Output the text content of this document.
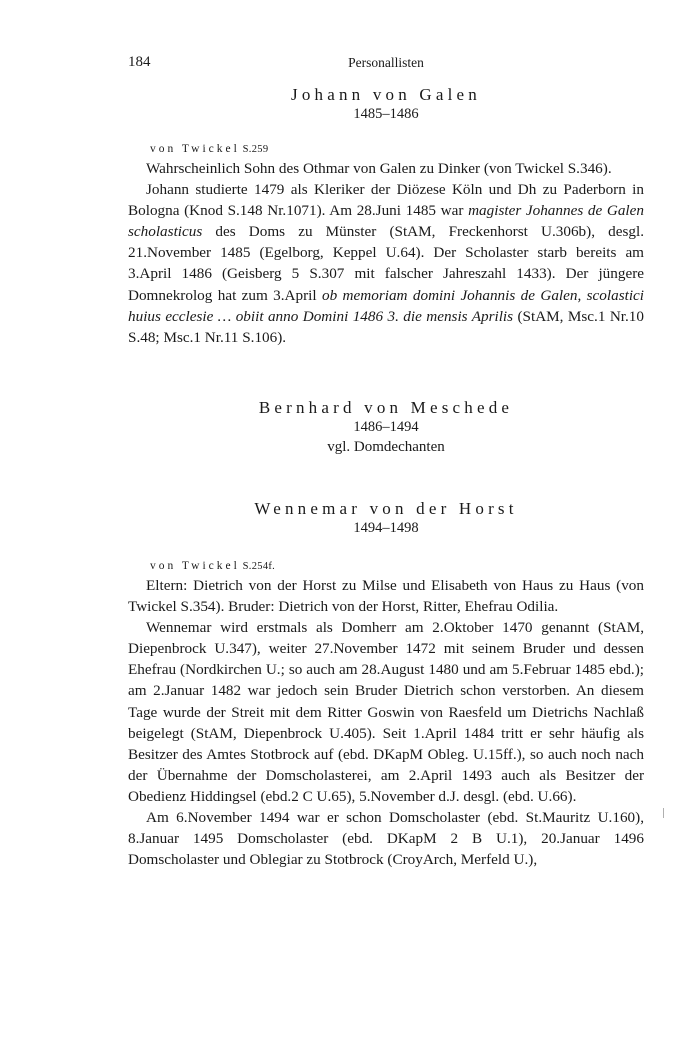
184	Personallisten
Johann von Galen
1485–1486
von Twickel S.259

Wahrscheinlich Sohn des Othmar von Galen zu Dinker (von Twickel S.346).

Johann studierte 1479 als Kleriker der Diözese Köln und Dh zu Paderborn in Bologna (Knod S.148 Nr.1071). Am 28.Juni 1485 war magister Johannes de Galen scholasticus des Doms zu Münster (StAM, Freckenhorst U.306b), desgl. 21.November 1485 (Egelborg, Keppel U.64). Der Scholaster starb bereits am 3.April 1486 (Geisberg 5 S.307 mit falscher Jahreszahl 1433). Der jüngere Domnekrolog hat zum 3.April ob memoriam domini Johannis de Galen, scolastici huius ecclesie … obiit anno Domini 1486 3. die mensis Aprilis (StAM, Msc.1 Nr.10 S.48; Msc.1 Nr.11 S.106).

Bernhard von Meschede
1486–1494
vgl. Domdechanten
Wennemar von der Horst
1494–1498
von Twickel S.254f.

Eltern: Dietrich von der Horst zu Milse und Elisabeth von Haus zu Haus (von Twickel S.354). Bruder: Dietrich von der Horst, Ritter, Ehefrau Odilia.

Wennemar wird erstmals als Domherr am 2.Oktober 1470 genannt (StAM, Diepenbrock U.347), weiter 27.November 1472 mit seinem Bruder und dessen Ehefrau (Nordkirchen U.; so auch am 28.August 1480 und am 5.Februar 1485 ebd.); am 2.Januar 1482 war jedoch sein Bruder Dietrich schon verstorben. An diesem Tage wurde der Streit mit dem Ritter Goswin von Raesfeld um Dietrichs Nachlaß beigelegt (StAM, Diepenbrock U.405). Seit 1.April 1484 tritt er sehr häufig als Besitzer des Amtes Stotbrock auf (ebd. DKapM Obleg. U.15ff.), so auch noch nach der Übernahme der Domscholasterei, am 2.April 1493 auch als Besitzer der Obedienz Hiddingsel (ebd.2 C U.65), 5.November d.J. desgl. (ebd. U.66).

Am 6.November 1494 war er schon Domscholaster (ebd. St.Mauritz U.160), 8.Januar 1495 Domscholaster (ebd. DKapM 2 B U.1), 20.Januar 1496 Domscholaster und Oblegiar zu Stotbrock (CroyArch, Merfeld U.),
